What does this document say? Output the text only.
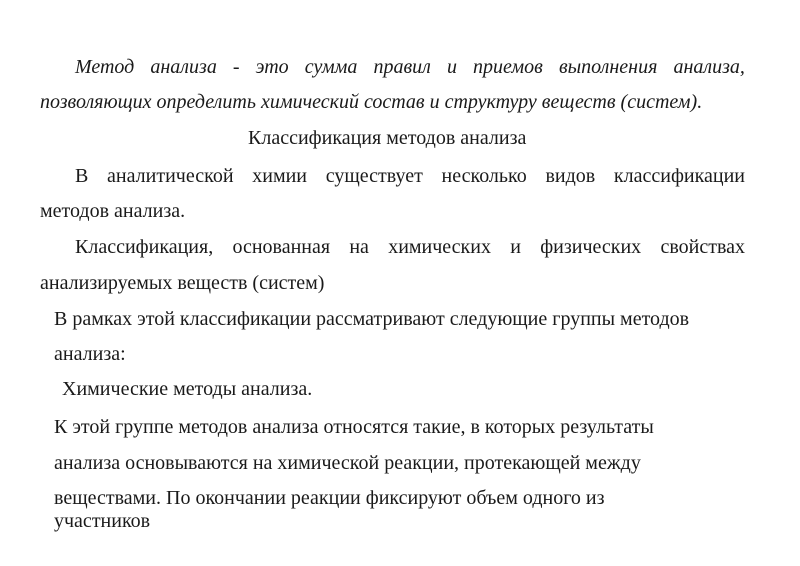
Метод анализа - это сумма правил и приемов выполнения анализа,
позволяющих определить химический состав и структуру веществ (систем).
Классификация методов анализа
В аналитической химии существует несколько видов классификации
методов анализа.
Классификация, основанная на химических и физических свойствах
анализируемых веществ (систем)
В рамках этой классификации рассматривают следующие группы методов
анализа:
Химические методы анализа.
К этой группе методов анализа относятся такие, в которых результаты
анализа основываются на химической реакции, протекающей между
веществами. По окончании реакции фиксируют объем одного из
участников
